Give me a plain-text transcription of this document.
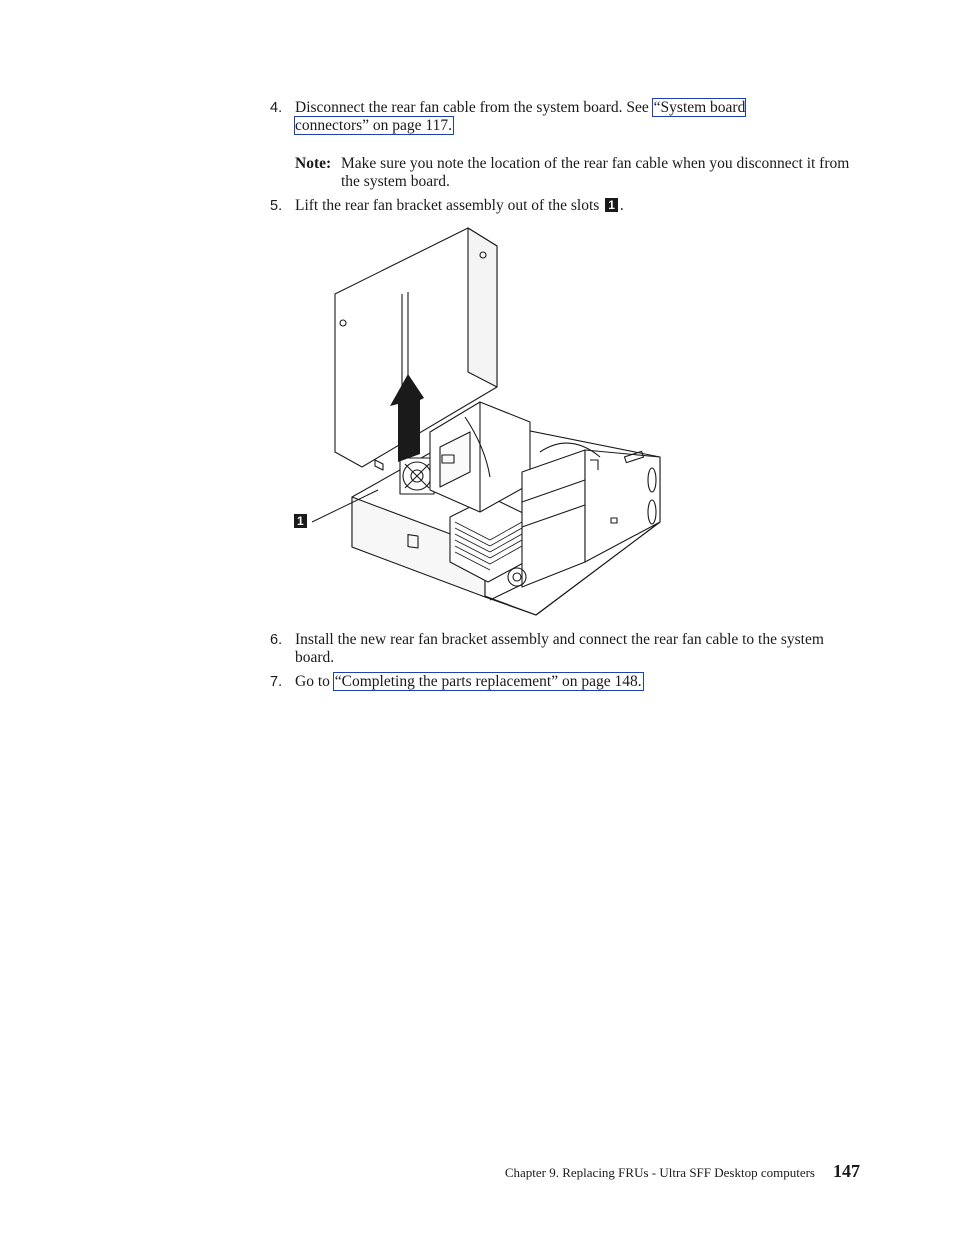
4. Disconnect the rear fan cable from the system board. See “System board
connectors” on page 117.
Note: Make sure you note the location of the rear fan cable when you disconnect it from the system board.
5. Lift the rear fan bracket assembly out of the slots 1 .
1
6. Install the new rear fan bracket assembly and connect the rear fan cable to the system board.
7. Go to “Completing the parts replacement” on page 148.
Chapter 9. Replacing FRUs - Ultra SFF Desktop computers 147
